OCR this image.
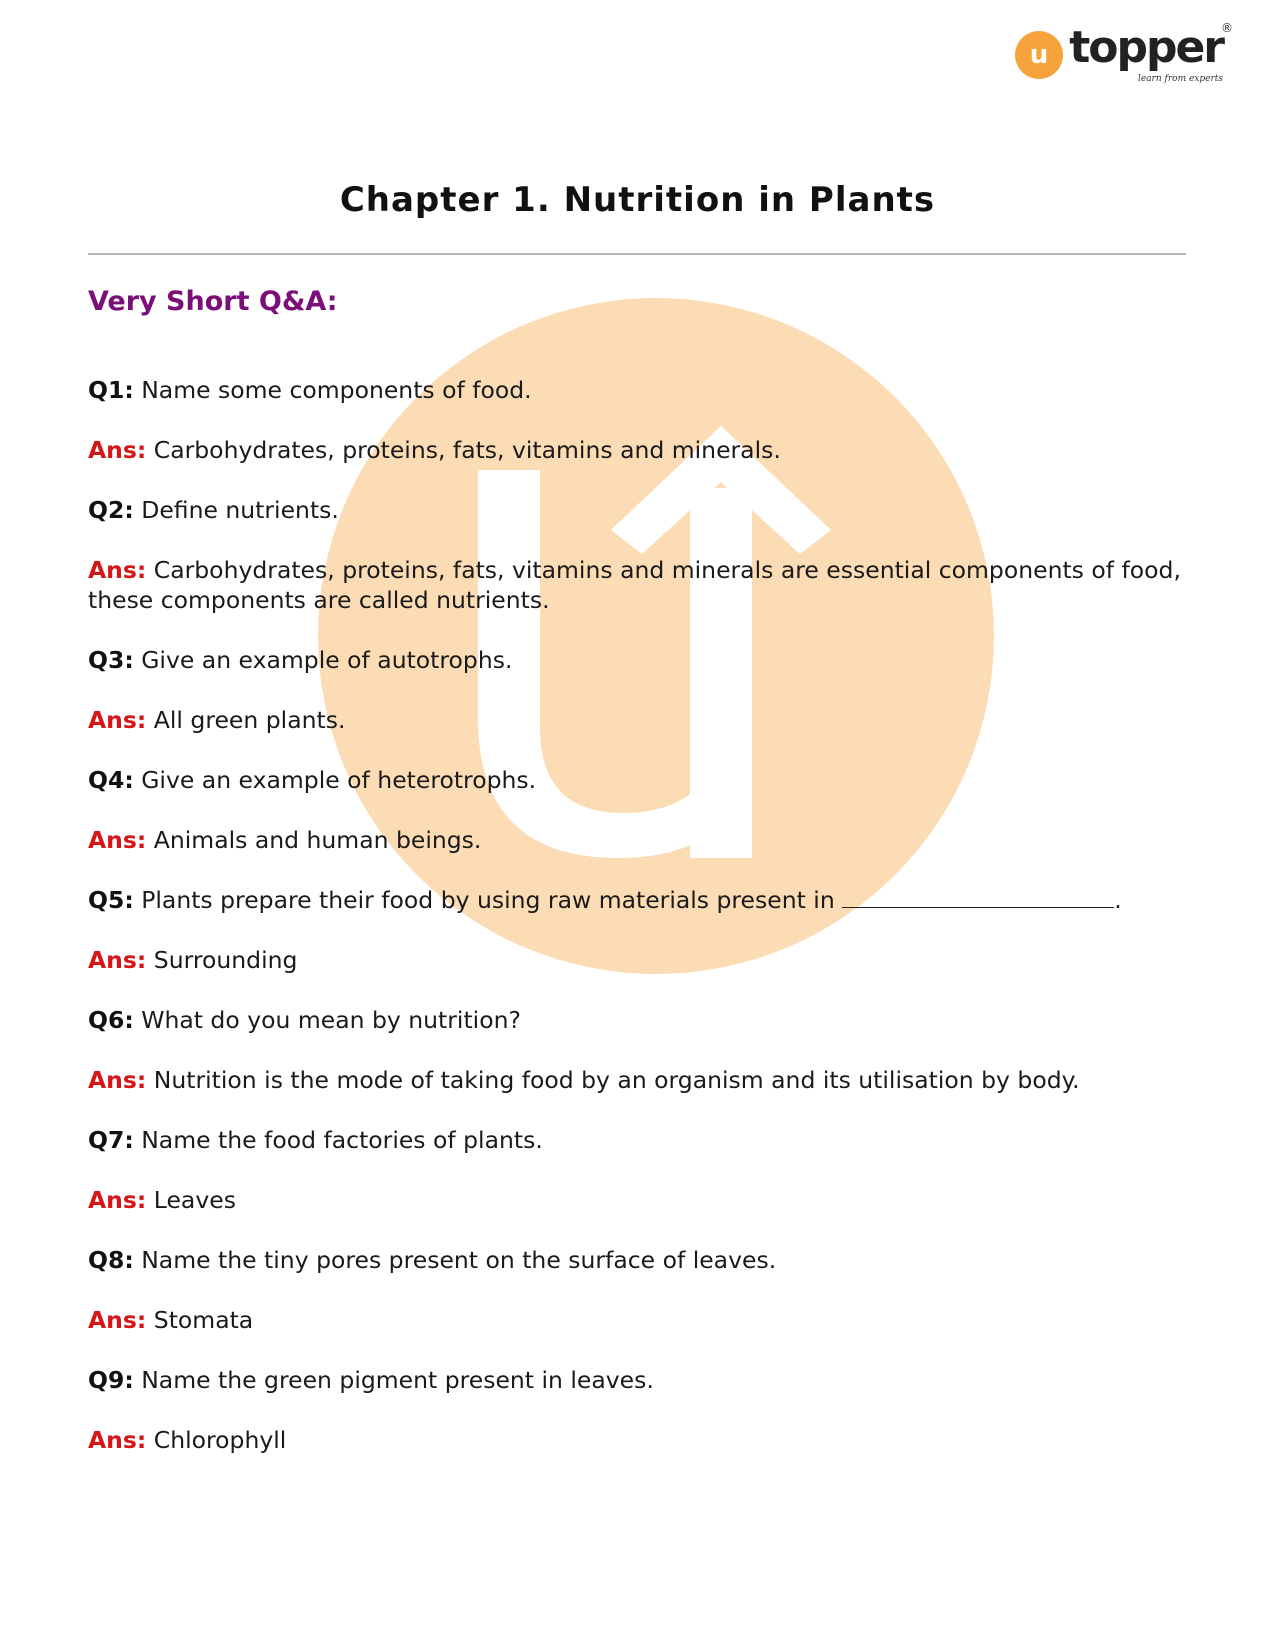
u topper
®
learn from experts
Chapter 1. Nutrition in Plants
Very Short Q&A:

Q1: Name some components of food.

Ans: Carbohydrates, proteins, fats, vitamins and minerals.

Q2: Define nutrients.

Ans: Carbohydrates, proteins, fats, vitamins and minerals are essential components of food, these components are called nutrients.

Q3: Give an example of autotrophs.

Ans: All green plants.

Q4: Give an example of heterotrophs.

Ans: Animals and human beings.

Q5: Plants prepare their food by using raw materials present in	.

Ans: Surrounding

Q6: What do you mean by nutrition?

Ans: Nutrition is the mode of taking food by an organism and its utilisation by body.

Q7: Name the food factories of plants.

Ans: Leaves

Q8: Name the tiny pores present on the surface of leaves.

Ans: Stomata

Q9: Name the green pigment present in leaves.

Ans: Chlorophyll
